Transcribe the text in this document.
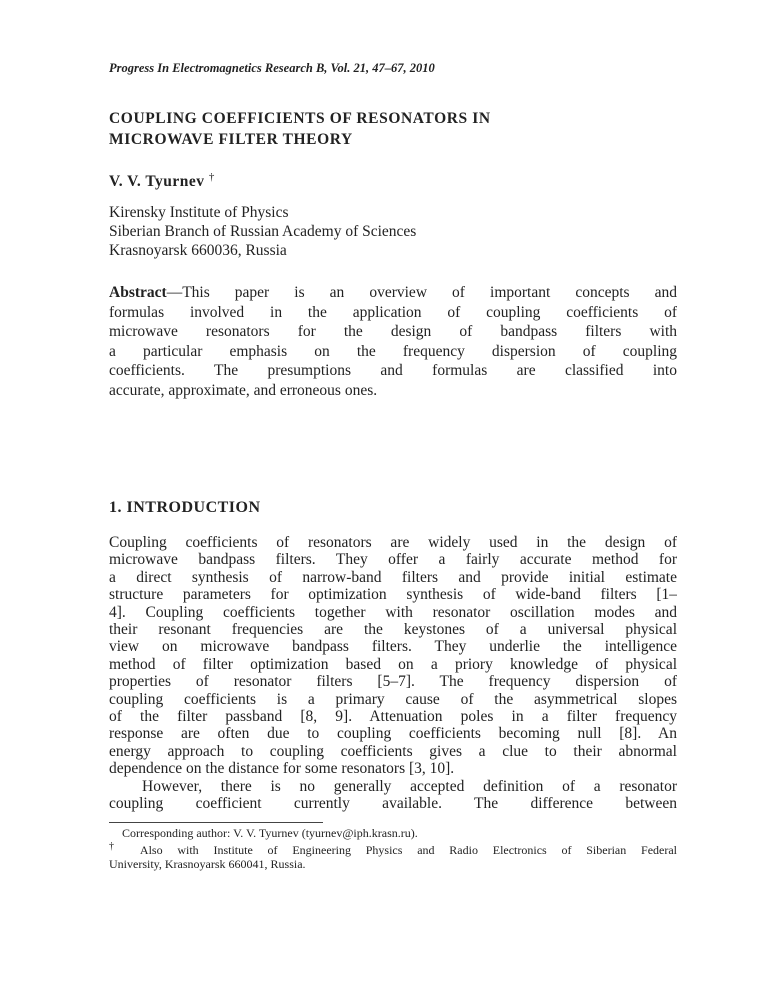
Progress In Electromagnetics Research B, Vol. 21, 47–67, 2010
COUPLING COEFFICIENTS OF RESONATORS IN
MICROWAVE FILTER THEORY
V. V. Tyurnev †
Kirensky Institute of Physics
Siberian Branch of Russian Academy of Sciences
Krasnoyarsk 660036, Russia
Abstract—This paper is an overview of important concepts and
formulas involved in the application of coupling coefficients of
microwave resonators for the design of bandpass filters with
a particular emphasis on the frequency dispersion of coupling
coefficients. The presumptions and formulas are classified into
accurate, approximate, and erroneous ones.
1. INTRODUCTION
Coupling coefficients of resonators are widely used in the design of
microwave bandpass filters. They offer a fairly accurate method for
a direct synthesis of narrow-band filters and provide initial estimate
structure parameters for optimization synthesis of wide-band filters [1–
4]. Coupling coefficients together with resonator oscillation modes and
their resonant frequencies are the keystones of a universal physical
view on microwave bandpass filters. They underlie the intelligence
method of filter optimization based on a priory knowledge of physical
properties of resonator filters [5–7]. The frequency dispersion of
coupling coefficients is a primary cause of the asymmetrical slopes
of the filter passband [8, 9]. Attenuation poles in a filter frequency
response are often due to coupling coefficients becoming null [8]. An
energy approach to coupling coefficients gives a clue to their abnormal
dependence on the distance for some resonators [3, 10].
However, there is no generally accepted definition of a resonator
coupling coefficient currently available. The difference between
Corresponding author: V. V. Tyurnev (tyurnev@iph.krasn.ru).
† Also with Institute of Engineering Physics and Radio Electronics of Siberian Federal
University, Krasnoyarsk 660041, Russia.
